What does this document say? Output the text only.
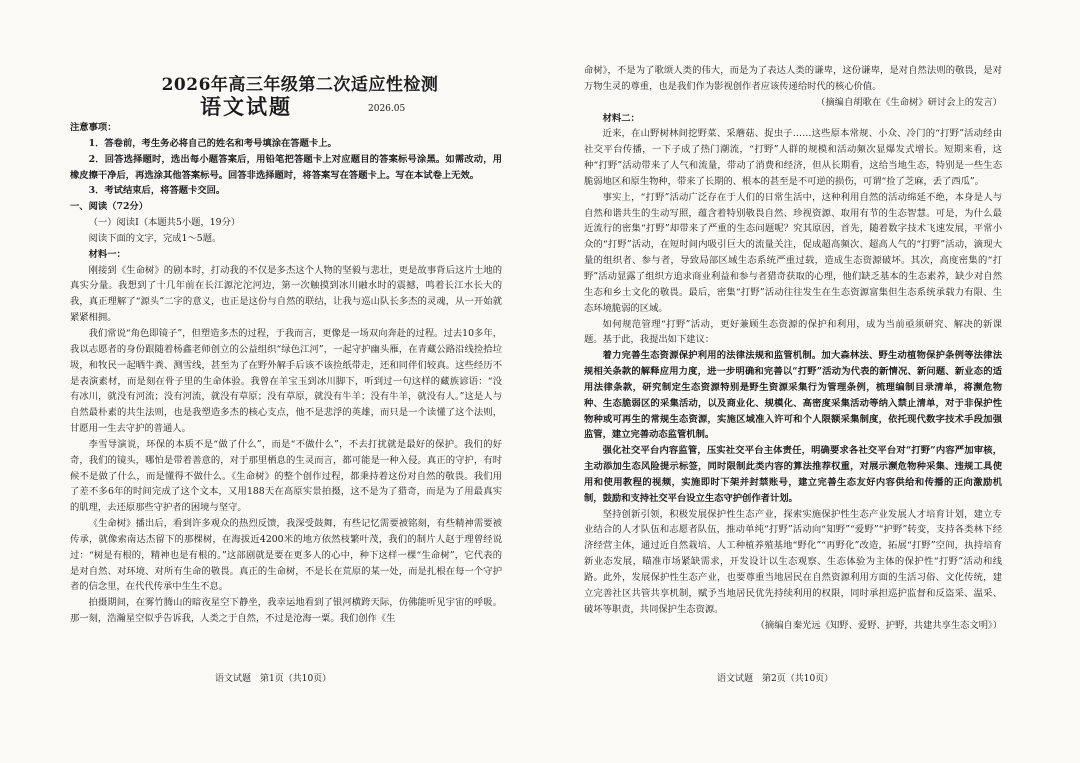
2026年高三年级第二次适应性检测
语文试题	2026.05

注意事项：

1．答卷前，考生务必将自己的姓名和考号填涂在答题卡上。

2．回答选择题时，选出每小题答案后，用铅笔把答题卡上对应题目的答案标号涂黑。如需改动，用橡皮擦干净后，再选涂其他答案标号。回答非选择题时，将答案写在答题卡上。写在本试卷上无效。

3．考试结束后，将答题卡交回。

一、阅读（72分）

（一）阅读Ⅰ（本题共5小题，19分）

阅读下面的文字，完成1～5题。

材料一：

刚接到《生命树》的剧本时，打动我的不仅是多杰这个人物的坚毅与悲壮，更是故事背后这片土地的真实分量。我想到了十几年前在长江源沱沱河边，第一次触摸到冰川融水时的震撼，鸣着长江水长大的我，真正理解了“源头”二字的意义，也正是这份与自然的联结，让我与巡山队长多杰的灵魂，从一开始就紧紧相拥。

我们常说“角色即镜子”，但塑造多杰的过程，于我而言，更像是一场双向奔赴的过程。过去10多年，我以志愿者的身份跟随着杨鑫老师创立的公益组织“绿色江河”，一起守护幽头雁，在青藏公路沿线捡拾垃圾，和牧民一起晒牛粪、测雪线，甚至为了在野外解手后该不该捡纸带走，还和同伴们较真。这些经历不是表演素材，而是刻在骨子里的生命体验。我曾在羊宝玉到冰川脚下，听到过一句这样的藏族谚语：“没有冰川，就没有河流；没有河流，就没有草原；没有草原，就没有牛羊；没有牛羊，就没有人。”这是人与自然最朴素的共生法则，也是我塑造多杰的核心支点，他不是悲浮的英雄，而只是一个读懂了这个法则，甘愿用一生去守护的普通人。

李雪导演说，环保的本质不是“做了什么”，而是“不做什么”，不去打扰就是最好的保护。我们的好奇，我们的镜头，哪怕是带着善意的，对于那里栖息的生灵而言，都可能是一种入侵。真正的守护，有时候不是做了什么，而是懂得不做什么。《生命树》的整个创作过程，都秉持着这份对自然的敬畏。我们用了差不多6年的时间完成了这个文本，又用188天在高原实景拍摄，这不是为了猎奇，而是为了用最真实的肌理，去还原那些守护者的困境与坚守。

《生命树》播出后，看到许多观众的热烈反馈，我深受鼓舞，有些记忆需要被铭刻，有些精神需要被传承，就像索南达杰留下的那棵树，在海拔近4200米的地方依然枝繁叶茂，我们的制片人赵于理曾经说过：“树是有根的，精神也是有根的。”这部剧就是要在更多人的心中，种下这样一棵“生命树”，它代表的是对自然、对环境、对所有生命的敬畏。真正的生命树，不是长在荒原的某一处，而是扎根在每一个守护者的信念里，在代代传承中生生不息。

拍摄期间，在雾竹腾山的暗夜星空下静坐，我幸运地看到了银河横跨天际，仿佛能听见宇宙的呼吸。那一刻，浩瀚星空似乎告诉我，人类之于自然，不过是沧海一粟。我们创作《生

语文试题　第1页（共10页）	语文试题　第2页（共10页）

命树》，不是为了歌颂人类的伟大，而是为了表达人类的谦卑，这份谦卑，是对自然法则的敬畏，是对万物生灵的尊重，也是我们作为影视创作者应该传递给时代的核心价值。

（摘编自胡歌在《生命树》研讨会上的发言）

材料二：

近来，在山野树林间挖野菜、采蘑菇、捉虫子……这些原本常规、小众、冷门的“打野”活动经由社交平台传播，一下子成了热门潮流，“打野”人群的规模和活动频次显爆发式增长。短期来看，这种“打野”活动带来了人气和流量，带动了消费和经济，但从长期看，这给当地生态，特别是一些生态脆弱地区和原生物种，带来了长期的、根本的甚至是不可逆的损伤，可谓“捡了芝麻，丢了西瓜”。

事实上，“打野”活动广泛存在于人们的日常生活中，这种利用自然的活动绵延不绝，本身是人与自然和谐共生的生动写照，蕴含着特别敬畏自然、珍视资源、取用有节的生态智慧。可是，为什么最近流行的密集“打野”却带来了严重的生态问题呢？究其原因，首先，随着数字技术飞速发展，平常小众的“打野”活动，在短时间内吸引巨大的流量关注，促成超高频次、超高人气的“打野”活动，滴现大量的组织者、参与者，导致局部区域生态系统严重过载，造成生态资源破坏。其次，高度密集的“打野”活动显露了组织方追求商业利益和参与者猎奇获取的心理，他们缺乏基本的生态素养，缺少对自然生态和乡土文化的敬畏。最后，密集“打野”活动往往发生在生态资源富集但生态系统承载力有限、生态环境脆弱的区域。

如何规范管理“打野”活动，更好兼顾生态资源的保护和利用，成为当前亟须研究、解决的新课题。基于此，我提出如下建议：

着力完善生态资源保护利用的法律法规和监管机制。加大森林法、野生动植物保护条例等法律法规相关条款的解释应用力度，进一步明确和完善以“打野”活动为代表的新情况、新问题、新业态的适用法律条款，研究制定生态资源特别是野生资源采集行为管理条例，梳理编制目录清单，将濒危物种、生态脆弱区的采集活动，以及商业化、规模化、高密度采集活动等纳入禁止清单，对于非保护性物种或可再生的常规生态资源，实施区域准入许可和个人限额采集制度，依托现代数字技术手段加强监管，建立完善动态监管机制。

强化社交平台内容监管，压实社交平台主体责任，明确要求各社交平台对“打野”内容严加审核，主动添加生态风险提示标签，同时限制此类内容的算法推荐权重，对展示濒危物种采集、违规工具使用和使用教程的视频，实施即时下架并封禁账号，建立完善生态友好内容供给和传播的正向激励机制，鼓励和支持社交平台设立生态守护创作者计划。

坚持创新引领，积极发展保护性生态产业，探索实施保护性生态产业发展人才培育计划，建立专业结合的人才队伍和志愿者队伍，推动单纯“打野”活动向“知野”“爱野”“护野”转变，支持各类林下经济经营主体，通过近自然栽培、人工种植养殖基地“野化”“再野化”改造，拓展“打野”空间，执持培育新业态发展，瞄准市场紧缺需求，开发设计以生态观察、生态体验为主体的保护性“打野”活动和线路。此外，发展保护性生态产业，也要尊重当地居民在自然资源利用方面的生活习俗、文化传统，建立完善社区共管共享机制，赋予当地居民优先持续利用的权限，同时承担巡护监督和反盗采、温采、破坏等职责，共同保护生态资源。

（摘编自秦光远《知野、爱野、护野，共建共享生态文明》）
